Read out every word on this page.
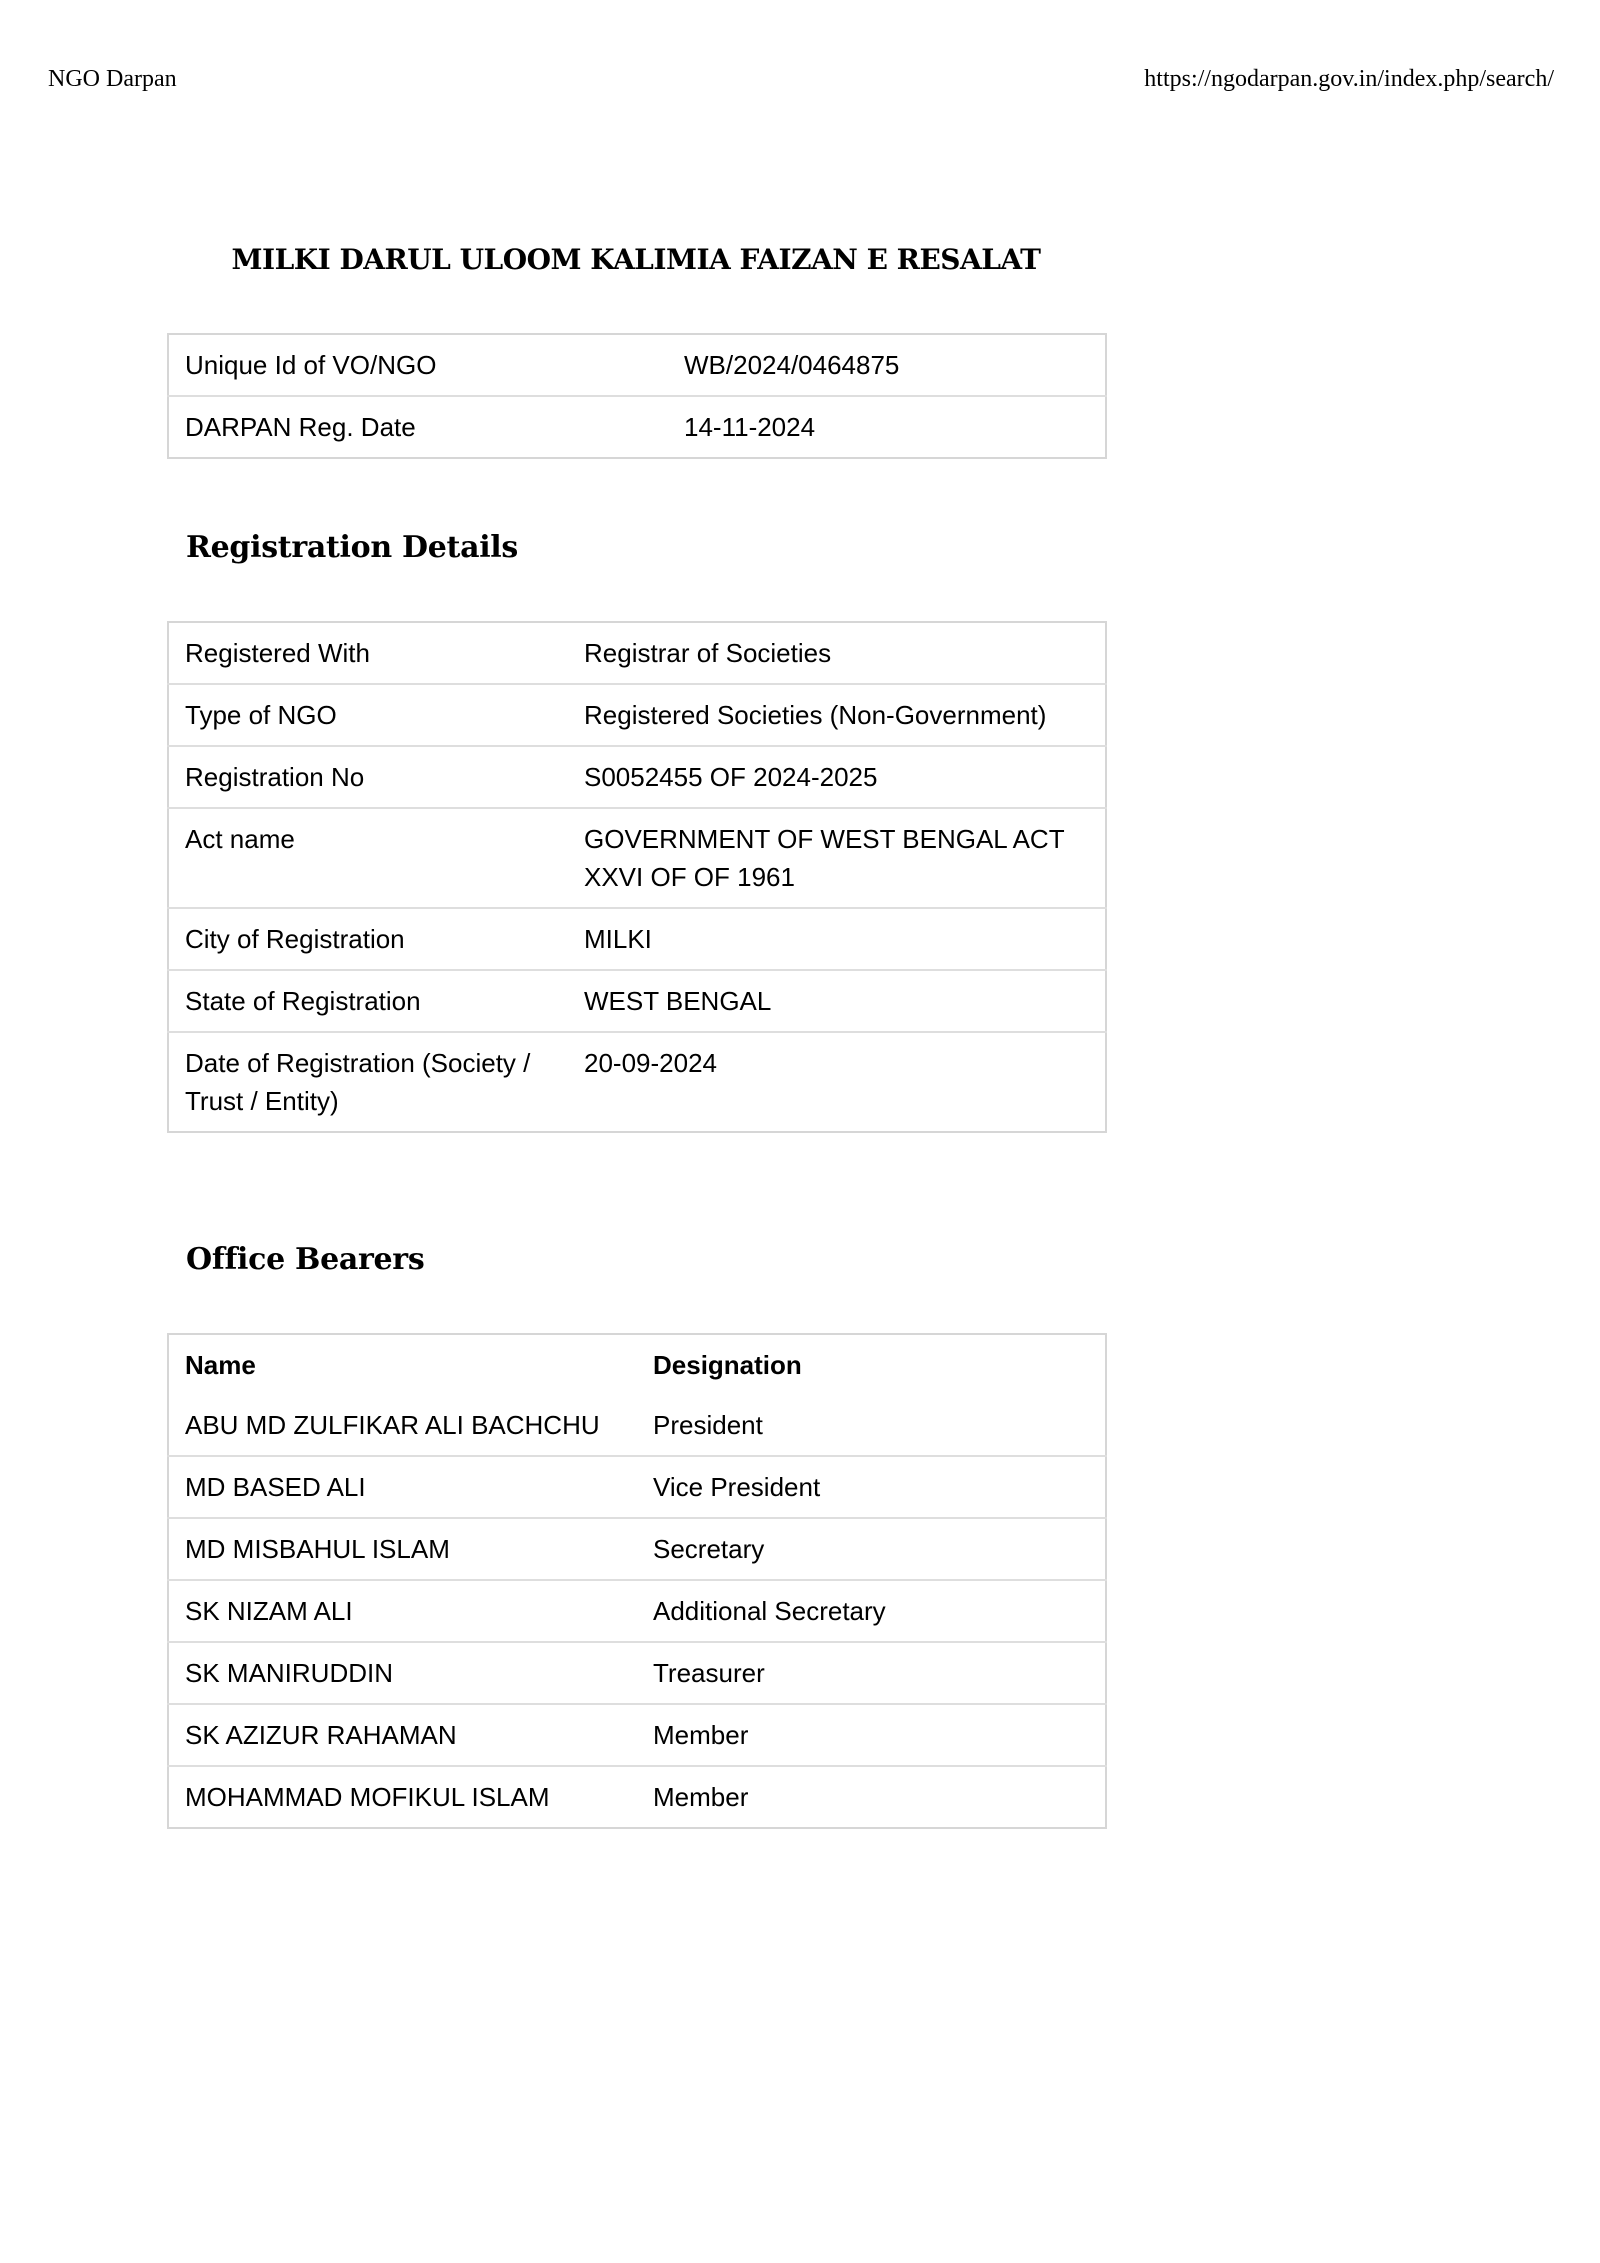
NGO Darpan	https://ngodarpan.gov.in/index.php/search/
MILKI DARUL ULOOM KALIMIA FAIZAN E RESALAT
Unique Id of VO/NGO	WB/2024/0464875
DARPAN Reg. Date	14-11-2024
Registration Details
Registered With	Registrar of Societies
Type of NGO	Registered Societies (Non-Government)
Registration No	S0052455 OF 2024-2025
Act name	GOVERNMENT OF WEST BENGAL ACT XXVI OF OF 1961
City of Registration	MILKI
State of Registration	WEST BENGAL
Date of Registration (Society / Trust / Entity)	20-09-2024
Office Bearers
Name	Designation
ABU MD ZULFIKAR ALI BACHCHU	President
MD BASED ALI	Vice President
MD MISBAHUL ISLAM	Secretary
SK NIZAM ALI	Additional Secretary
SK MANIRUDDIN	Treasurer
SK AZIZUR RAHAMAN	Member
MOHAMMAD MOFIKUL ISLAM	Member
